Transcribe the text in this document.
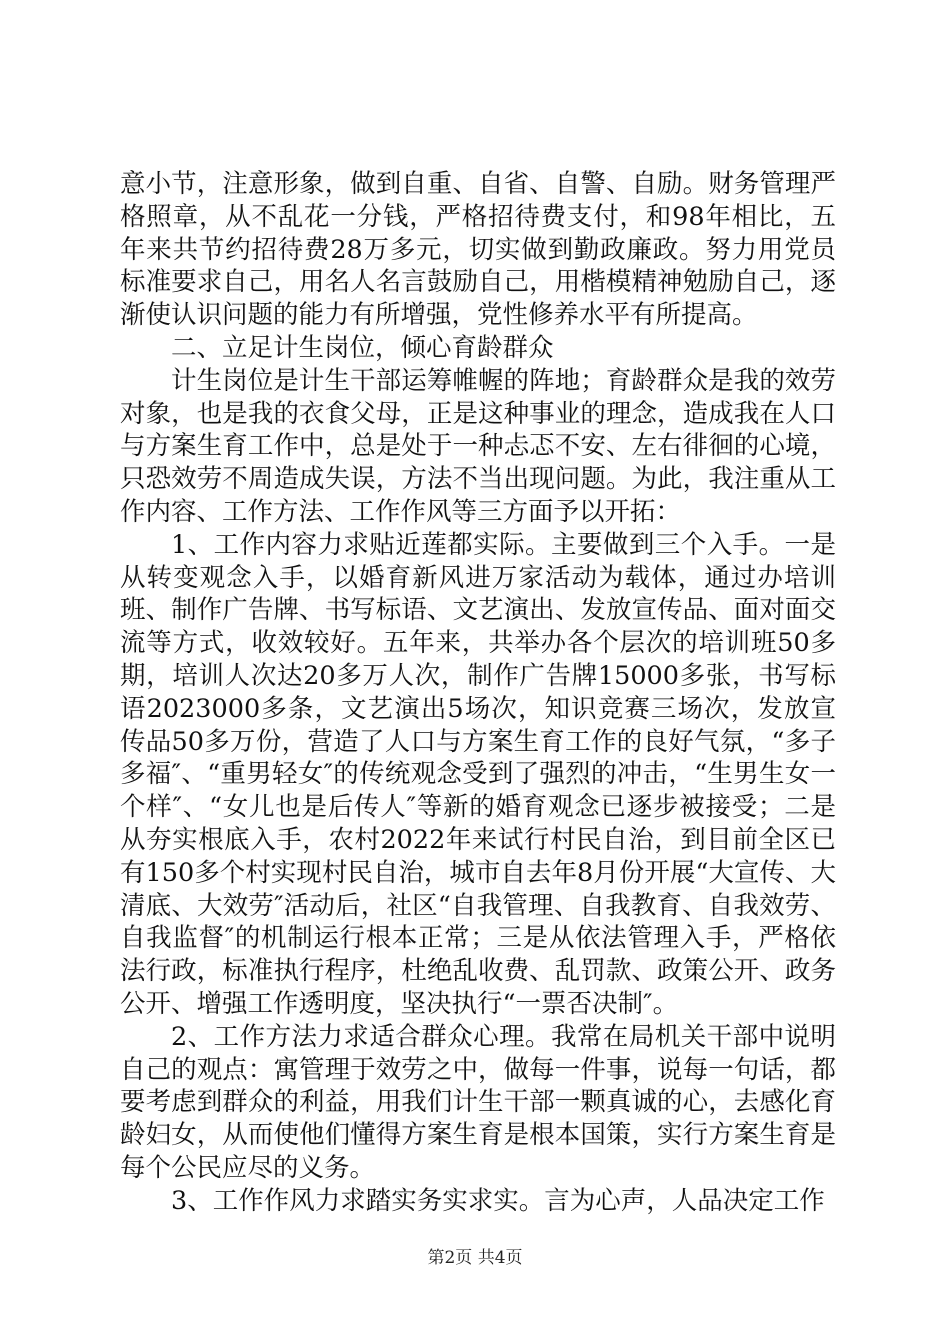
意小节，注意形象，做到自重、自省、自警、自励。财务管理严格照章，从不乱花一分钱，严格招待费支付，和98年相比，五年来共节约招待费28万多元，切实做到勤政廉政。努力用党员标准要求自己，用名人名言鼓励自己，用楷模精神勉励自己，逐渐使认识问题的能力有所增强，党性修养水平有所提高。

二、立足计生岗位，倾心育龄群众

计生岗位是计生干部运筹帷幄的阵地；育龄群众是我的效劳对象，也是我的衣食父母，正是这种事业的理念，造成我在人口与方案生育工作中，总是处于一种忐忑不安、左右徘徊的心境，只恐效劳不周造成失误，方法不当出现问题。为此，我注重从工作内容、工作方法、工作作风等三方面予以开拓：

1、工作内容力求贴近莲都实际。主要做到三个入手。一是从转变观念入手，以婚育新风进万家活动为载体，通过办培训班、制作广告牌、书写标语、文艺演出、发放宣传品、面对面交流等方式，收效较好。五年来，共举办各个层次的培训班50多期，培训人次达20多万人次，制作广告牌15000多张，书写标语2023000多条，文艺演出5场次，知识竞赛三场次，发放宣传品50多万份，营造了人口与方案生育工作的良好气氛，“多子多福″、“重男轻女″的传统观念受到了强烈的冲击，“生男生女一个样″、“女儿也是后传人″等新的婚育观念已逐步被接受；二是从夯实根底入手，农村2022年来试行村民自治，到目前全区已有150多个村实现村民自治，城市自去年8月份开展“大宣传、大清底、大效劳″活动后，社区“自我管理、自我教育、自我效劳、自我监督″的机制运行根本正常；三是从依法管理入手，严格依法行政，标准执行程序，杜绝乱收费、乱罚款、政策公开、政务公开、增强工作透明度，坚决执行“一票否决制″。

2、工作方法力求适合群众心理。我常在局机关干部中说明自己的观点：寓管理于效劳之中，做每一件事，说每一句话，都要考虑到群众的利益，用我们计生干部一颗真诚的心，去感化育龄妇女，从而使他们懂得方案生育是根本国策，实行方案生育是每个公民应尽的义务。

3、工作作风力求踏实务实求实。言为心声，人品决定工作

第2页 共4页
